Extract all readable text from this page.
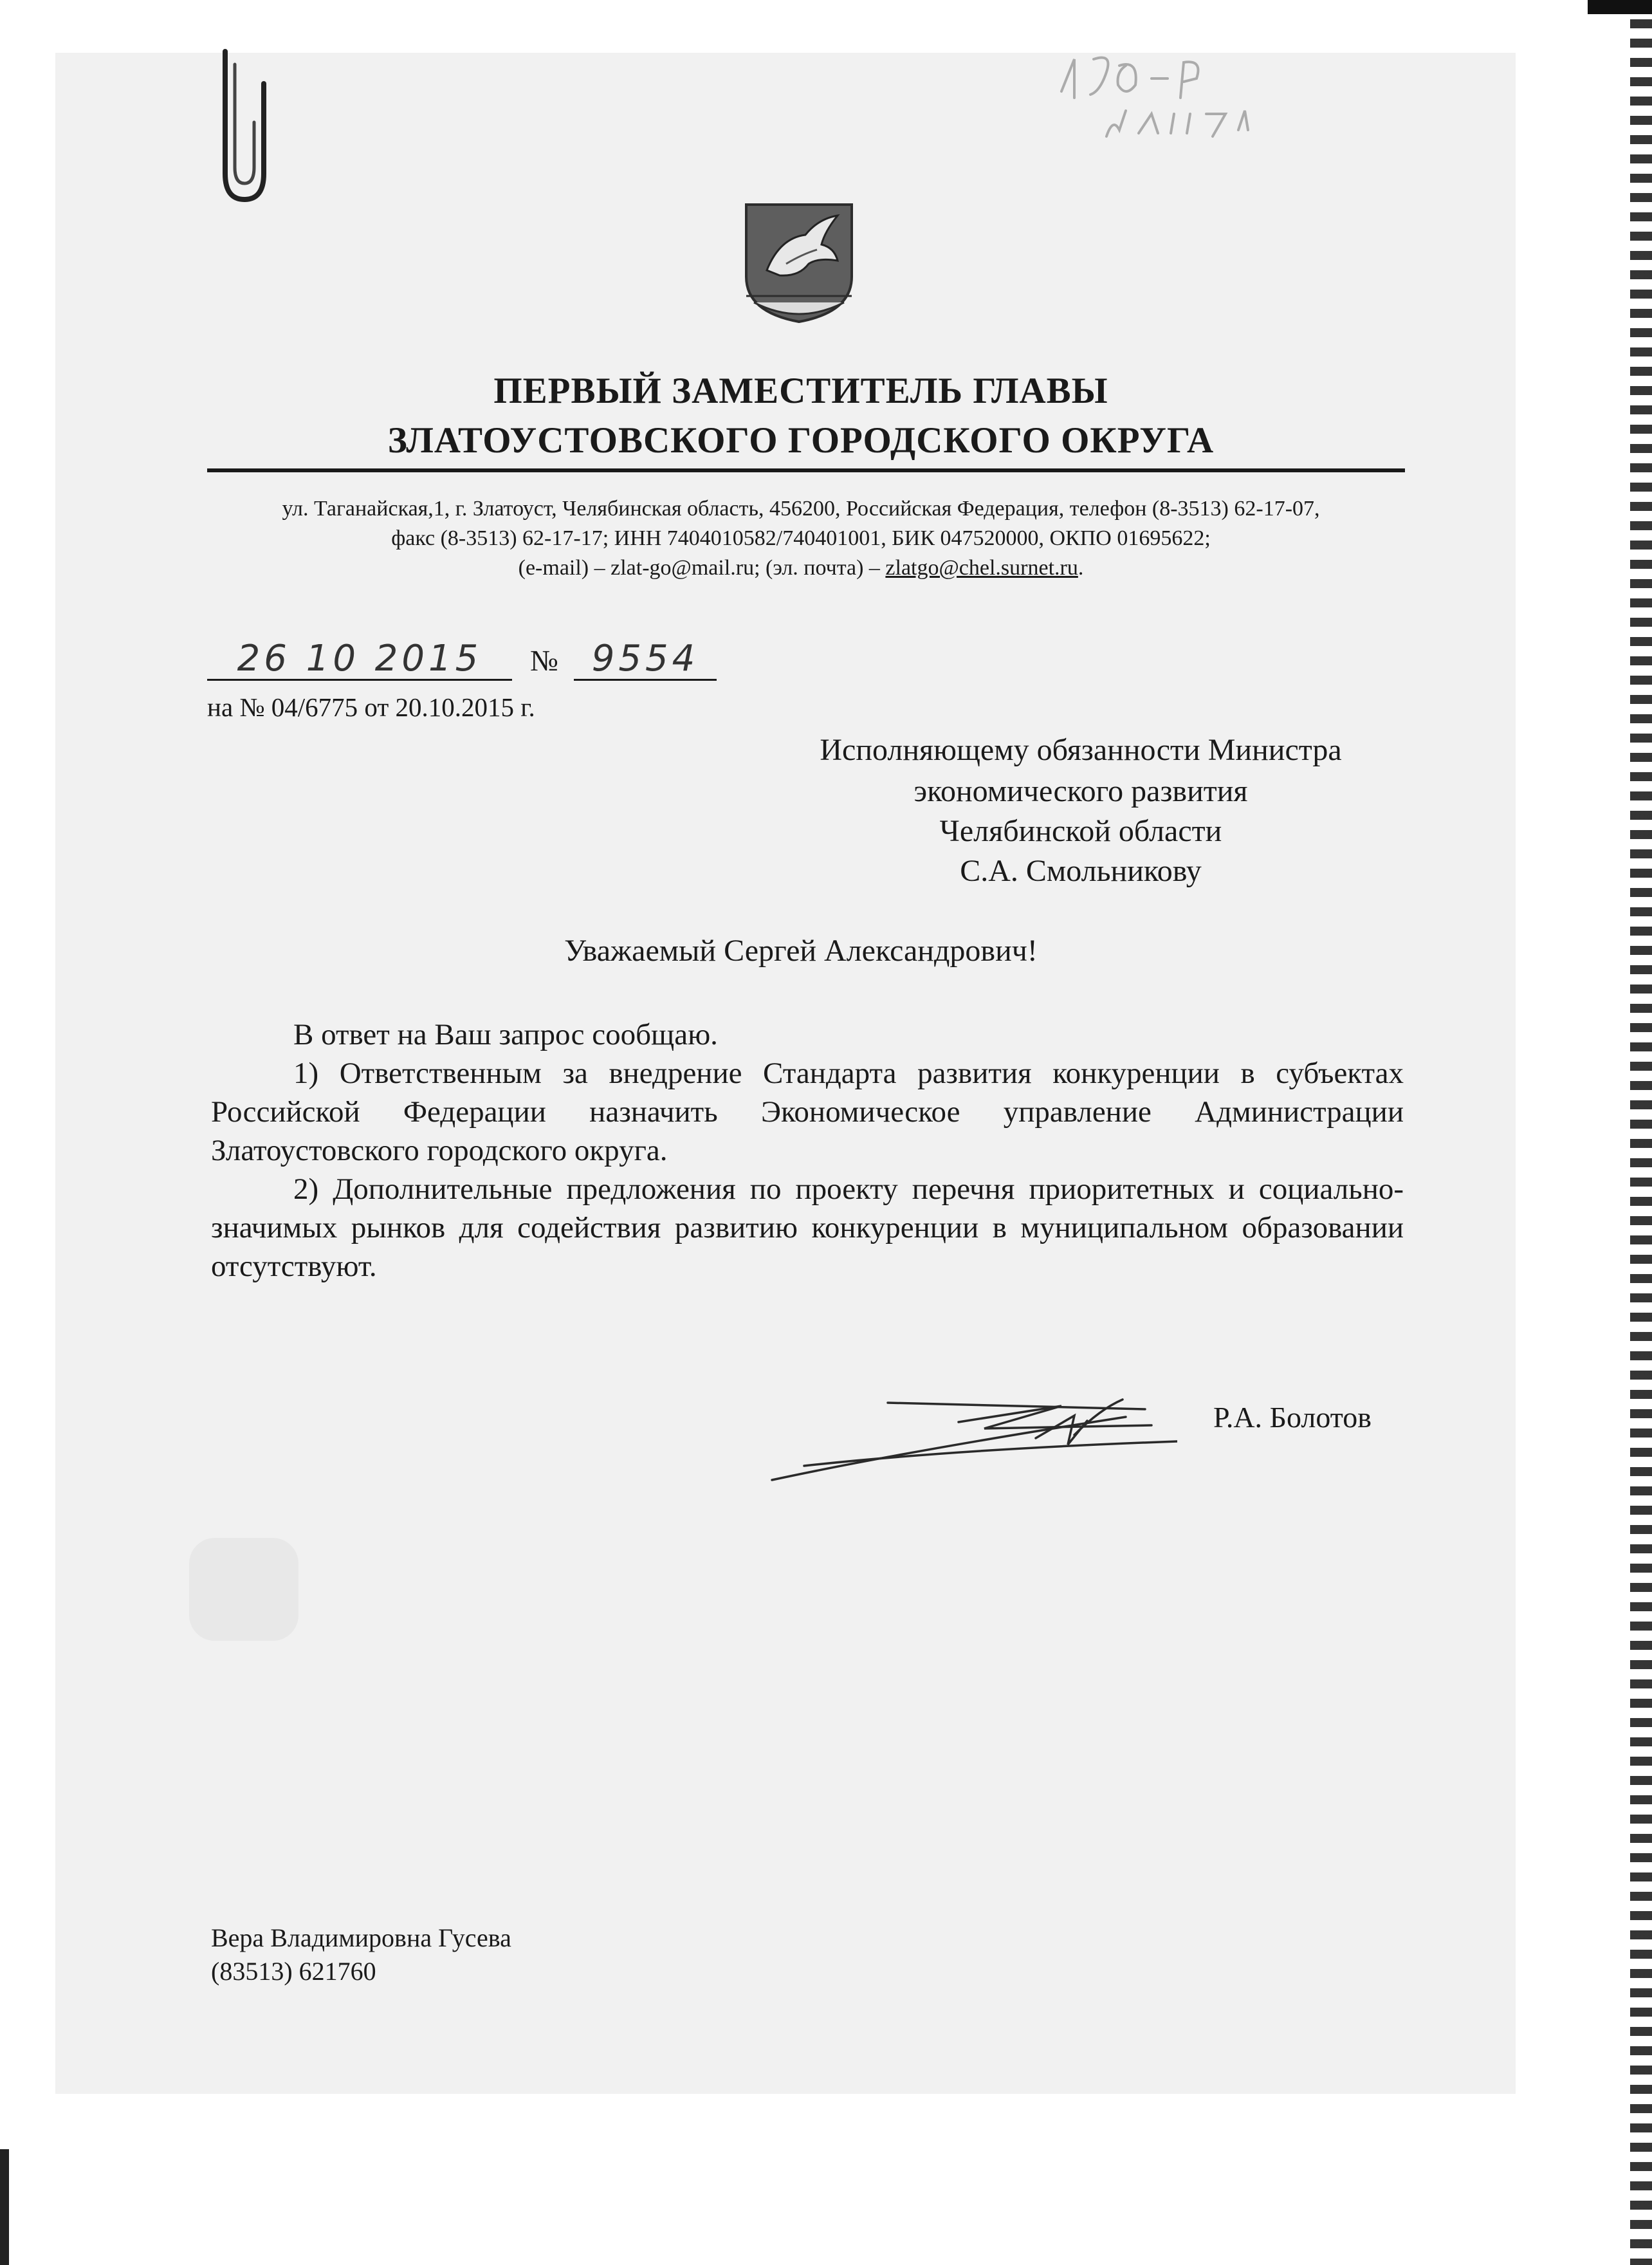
ПЕРВЫЙ ЗАМЕСТИТЕЛЬ ГЛАВЫ
ЗЛАТОУСТОВСКОГО ГОРОДСКОГО ОКРУГА
ул. Таганайская,1, г. Златоуст, Челябинская область, 456200, Российская Федерация, телефон (8-3513) 62-17-07,
факс (8-3513) 62-17-17; ИНН 7404010582/740401001, БИК 047520000, ОКПО 01695622;
(e-mail) – zlat-go@mail.ru; (эл. почта) – zlatgo@chel.surnet.ru.
26 10 2015	№ 9554
на № 04/6775 от 20.10.2015 г.
Исполняющему обязанности Министра
экономического развития
Челябинской области
С.А. Смольникову
Уважаемый Сергей Александрович!
В ответ на Ваш запрос сообщаю.
1) Ответственным за внедрение Стандарта развития конкуренции в субъектах Российской Федерации назначить Экономическое управление Администрации Златоустовского городского округа.
2) Дополнительные предложения по проекту перечня приоритетных и социально-значимых рынков для содействия развитию конкуренции в муниципальном образовании отсутствуют.
Р.А. Болотов
Вера Владимировна Гусева
(83513) 621760
